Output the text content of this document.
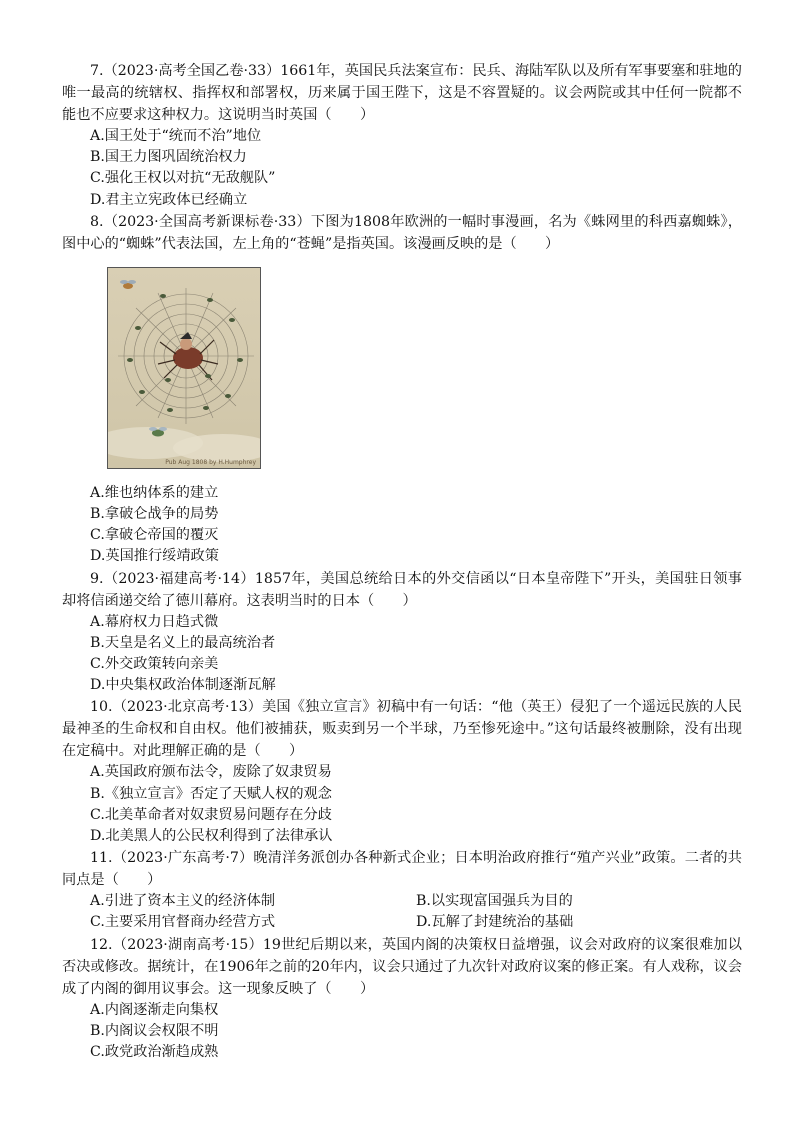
7.（2023·高考全国乙卷·33）1661年，英国民兵法案宣布：民兵、海陆军队以及所有军事要塞和驻地的唯一最高的统辖权、指挥权和部署权，历来属于国王陛下，这是不容置疑的。议会两院或其中任何一院都不能也不应要求这种权力。这说明当时英国（　　）

A.国王处于“统而不治”地位

B.国王力图巩固统治权力

C.强化王权以对抗“无敌舰队”

D.君主立宪政体已经确立

8.（2023·全国高考新课标卷·33）下图为1808年欧洲的一幅时事漫画，名为《蛛网里的科西嘉蜘蛛》，图中心的“蜘蛛”代表法国，左上角的“苍蝇”是指英国。该漫画反映的是（　　）

Pub Aug 1808 by H.Humphrey

A.维也纳体系的建立

B.拿破仑战争的局势

C.拿破仑帝国的覆灭

D.英国推行绥靖政策

9.（2023·福建高考·14）1857年，美国总统给日本的外交信函以“日本皇帝陛下”开头，美国驻日领事却将信函递交给了德川幕府。这表明当时的日本（　　）

A.幕府权力日趋式微

B.天皇是名义上的最高统治者

C.外交政策转向亲美

D.中央集权政治体制逐渐瓦解

10.（2023·北京高考·13）美国《独立宣言》初稿中有一句话：“他（英王）侵犯了一个遥远民族的人民最神圣的生命权和自由权。他们被捕获，贩卖到另一个半球，乃至惨死途中。”这句话最终被删除，没有出现在定稿中。对此理解正确的是（　　）

A.英国政府颁布法令，废除了奴隶贸易

B.《独立宣言》否定了天赋人权的观念

C.北美革命者对奴隶贸易问题存在分歧

D.北美黑人的公民权利得到了法律承认

11.（2023·广东高考·7）晚清洋务派创办各种新式企业；日本明治政府推行“殖产兴业”政策。二者的共同点是（　　）

A.引进了资本主义的经济体制	B.以实现富国强兵为目的
C.主要采用官督商办经营方式	D.瓦解了封建统治的基础

12.（2023·湖南高考·15）19世纪后期以来，英国内阁的决策权日益增强，议会对政府的议案很难加以否决或修改。据统计，在1906年之前的20年内，议会只通过了九次针对政府议案的修正案。有人戏称，议会成了内阁的御用议事会。这一现象反映了（　　）

A.内阁逐渐走向集权

B.内阁议会权限不明

C.政党政治渐趋成熟
